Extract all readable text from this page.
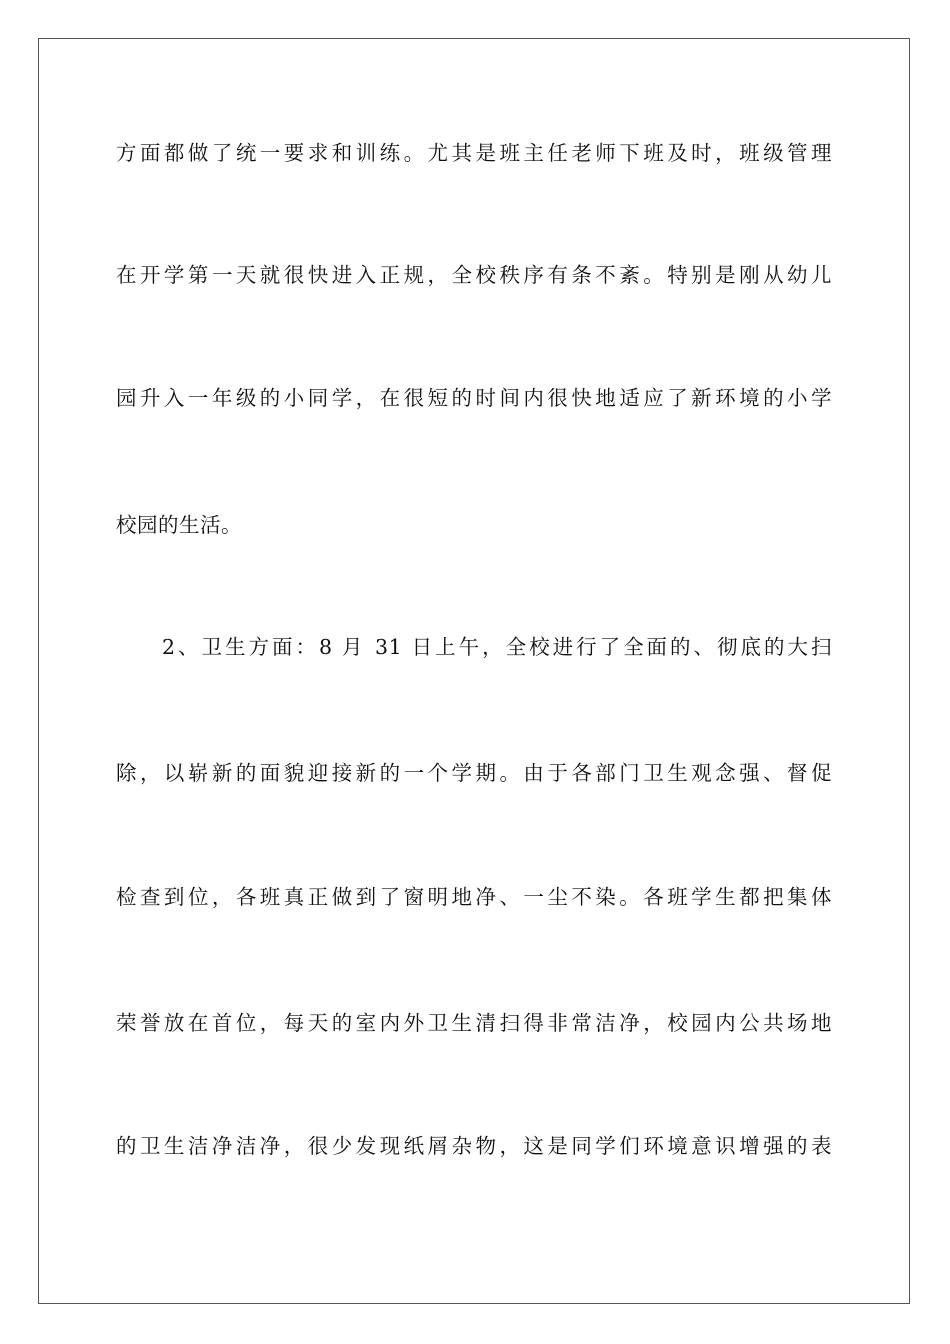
方面都做了统一要求和训练。尤其是班主任老师下班及时，班级管理
在开学第一天就很快进入正规，全校秩序有条不紊。特别是刚从幼儿
园升入一年级的小同学，在很短的时间内很快地适应了新环境的小学
校园的生活。
2、卫生方面：8 月 31 日上午，全校进行了全面的、彻底的大扫
除，以崭新的面貌迎接新的一个学期。由于各部门卫生观念强、督促
检查到位，各班真正做到了窗明地净、一尘不染。各班学生都把集体
荣誉放在首位，每天的室内外卫生清扫得非常洁净，校园内公共场地
的卫生洁净洁净，很少发现纸屑杂物，这是同学们环境意识增强的表
